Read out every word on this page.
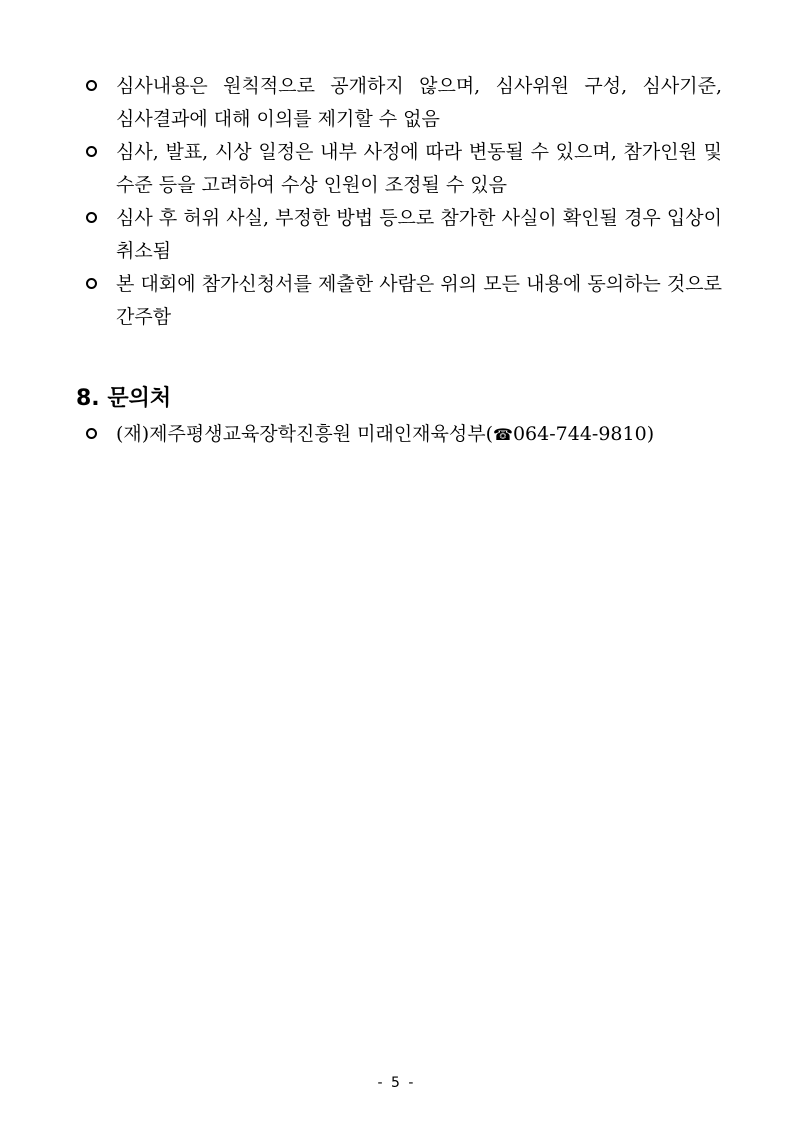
심사내용은 원칙적으로 공개하지 않으며, 심사위원 구성, 심사기준, 심사결과에 대해 이의를 제기할 수 없음
심사, 발표, 시상 일정은 내부 사정에 따라 변동될 수 있으며, 참가인원 및 수준 등을 고려하여 수상 인원이 조정될 수 있음
심사 후 허위 사실, 부정한 방법 등으로 참가한 사실이 확인될 경우 입상이 취소됨
본 대회에 참가신청서를 제출한 사람은 위의 모든 내용에 동의하는 것으로 간주함
8. 문의처
(재)제주평생교육장학진흥원 미래인재육성부(☎064-744-9810)
- 5 -
